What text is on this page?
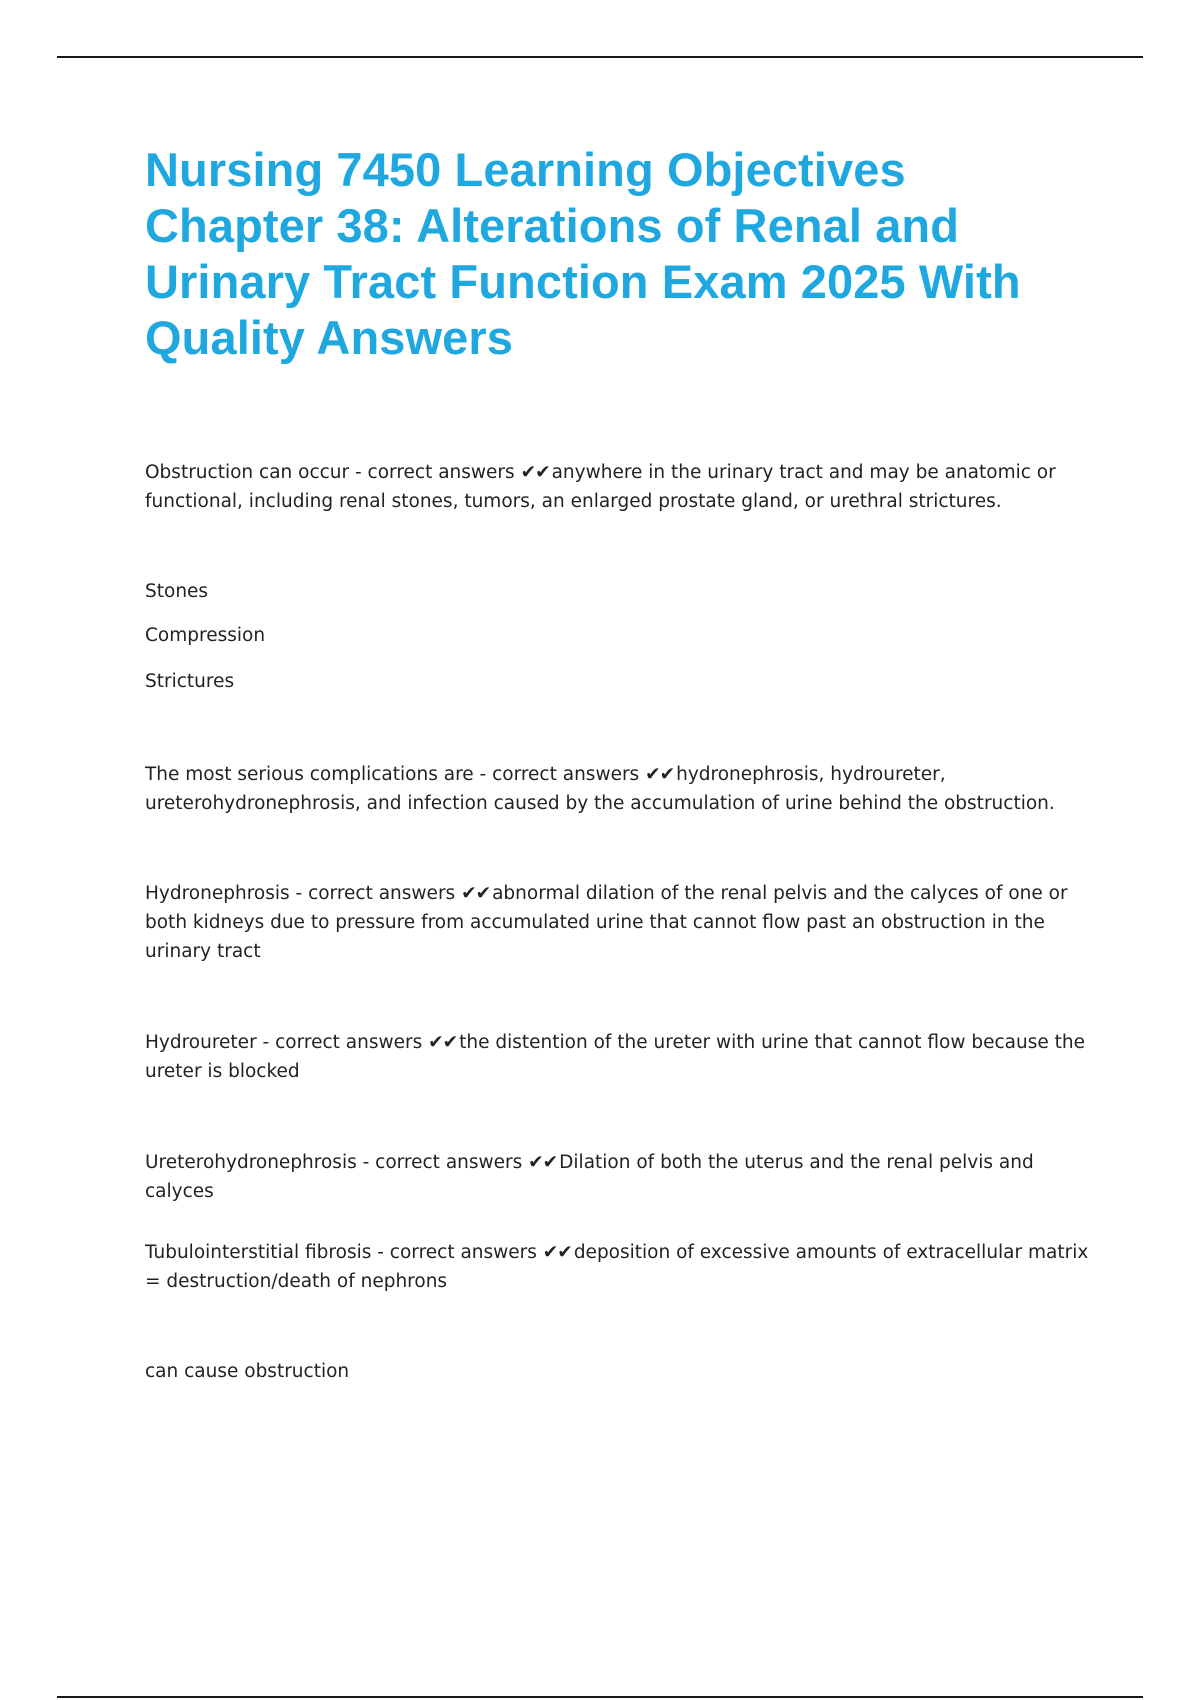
Nursing 7450 Learning Objectives Chapter 38: Alterations of Renal and Urinary Tract Function Exam 2025 With Quality Answers

Obstruction can occur - correct answers ✔✔ anywhere in the urinary tract and may be anatomic or functional, including renal stones, tumors, an enlarged prostate gland, or urethral strictures.

Stones

Compression

Strictures

The most serious complications are - correct answers ✔✔ hydronephrosis, hydroureter, ureterohydronephrosis, and infection caused by the accumulation of urine behind the obstruction.

Hydronephrosis - correct answers ✔✔ abnormal dilation of the renal pelvis and the calyces of one or both kidneys due to pressure from accumulated urine that cannot flow past an obstruction in the urinary tract

Hydroureter - correct answers ✔✔ the distention of the ureter with urine that cannot flow because the ureter is blocked

Ureterohydronephrosis - correct answers ✔✔ Dilation of both the uterus and the renal pelvis and calyces

Tubulointerstitial fibrosis - correct answers ✔✔ deposition of excessive amounts of extracellular matrix = destruction/death of nephrons

can cause obstruction
